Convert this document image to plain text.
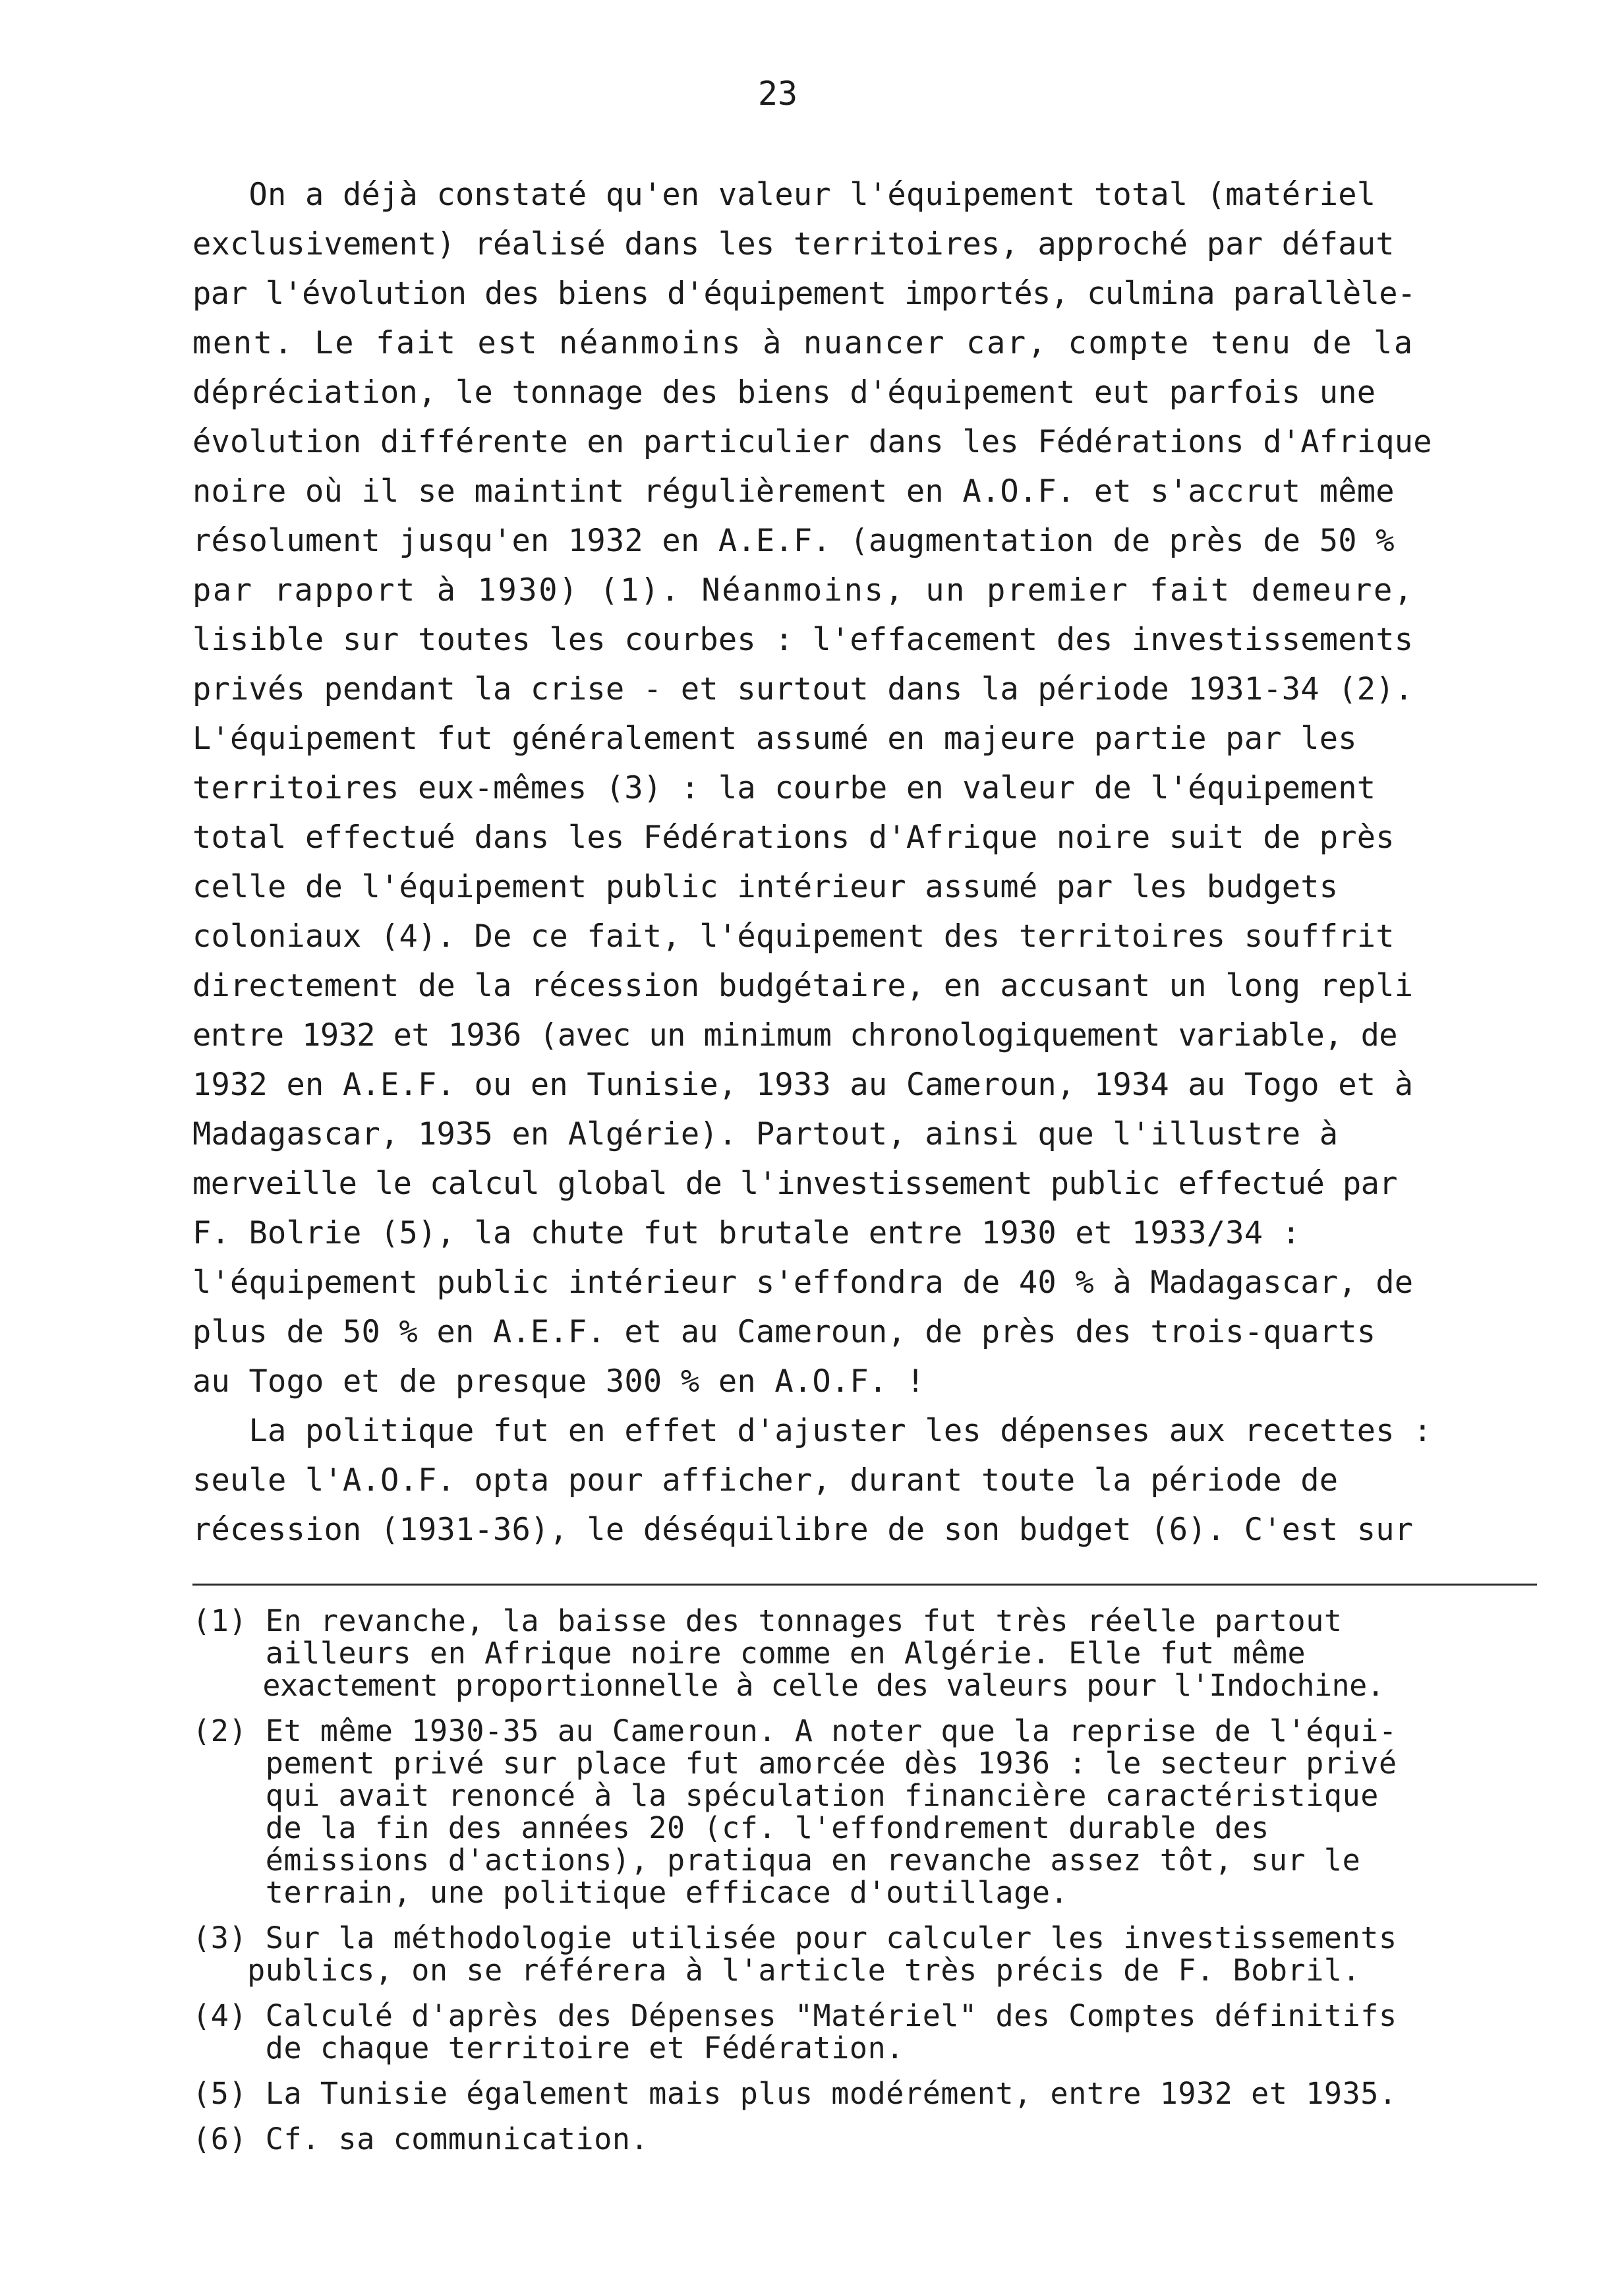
23
On a déjà constaté qu'en valeur l'équipement total (matériel
exclusivement) réalisé dans les territoires, approché par défaut
par l'évolution des biens d'équipement importés, culmina parallèle-
ment. Le fait est néanmoins à nuancer car, compte tenu de la
dépréciation, le tonnage des biens d'équipement eut parfois une
évolution différente en particulier dans les Fédérations d'Afrique
noire où il se maintint régulièrement en A.O.F. et s'accrut même
résolument jusqu'en 1932 en A.E.F. (augmentation de près de 50 %
par rapport à 1930) (1). Néanmoins, un premier fait demeure,
lisible sur toutes les courbes : l'effacement des investissements
privés pendant la crise - et surtout dans la période 1931-34 (2).
L'équipement fut généralement assumé en majeure partie par les
territoires eux-mêmes (3) : la courbe en valeur de l'équipement
total effectué dans les Fédérations d'Afrique noire suit de près
celle de l'équipement public intérieur assumé par les budgets
coloniaux (4). De ce fait, l'équipement des territoires souffrit
directement de la récession budgétaire, en accusant un long repli
entre 1932 et 1936 (avec un minimum chronologiquement variable, de
1932 en A.E.F. ou en Tunisie, 1933 au Cameroun, 1934 au Togo et à
Madagascar, 1935 en Algérie). Partout, ainsi que l'illustre à
merveille le calcul global de l'investissement public effectué par
F. Bolrie (5), la chute fut brutale entre 1930 et 1933/34 :
l'équipement public intérieur s'effondra de 40 % à Madagascar, de
plus de 50 % en A.E.F. et au Cameroun, de près des trois-quarts
au Togo et de presque 300 % en A.O.F. !
La politique fut en effet d'ajuster les dépenses aux recettes :
seule l'A.O.F. opta pour afficher, durant toute la période de
récession (1931-36), le déséquilibre de son budget (6). C'est sur
(1) En revanche, la baisse des tonnages fut très réelle partout
ailleurs en Afrique noire comme en Algérie. Elle fut même
exactement proportionnelle à celle des valeurs pour l'Indochine.
(2) Et même 1930-35 au Cameroun. A noter que la reprise de l'équi-
pement privé sur place fut amorcée dès 1936 : le secteur privé
qui avait renoncé à la spéculation financière caractéristique
de la fin des années 20 (cf. l'effondrement durable des
émissions d'actions), pratiqua en revanche assez tôt, sur le
terrain, une politique efficace d'outillage.
(3) Sur la méthodologie utilisée pour calculer les investissements
publics, on se référera à l'article très précis de F. Bobril.
(4) Calculé d'après des Dépenses "Matériel" des Comptes définitifs
de chaque territoire et Fédération.
(5) La Tunisie également mais plus modérément, entre 1932 et 1935.
(6) Cf. sa communication.
